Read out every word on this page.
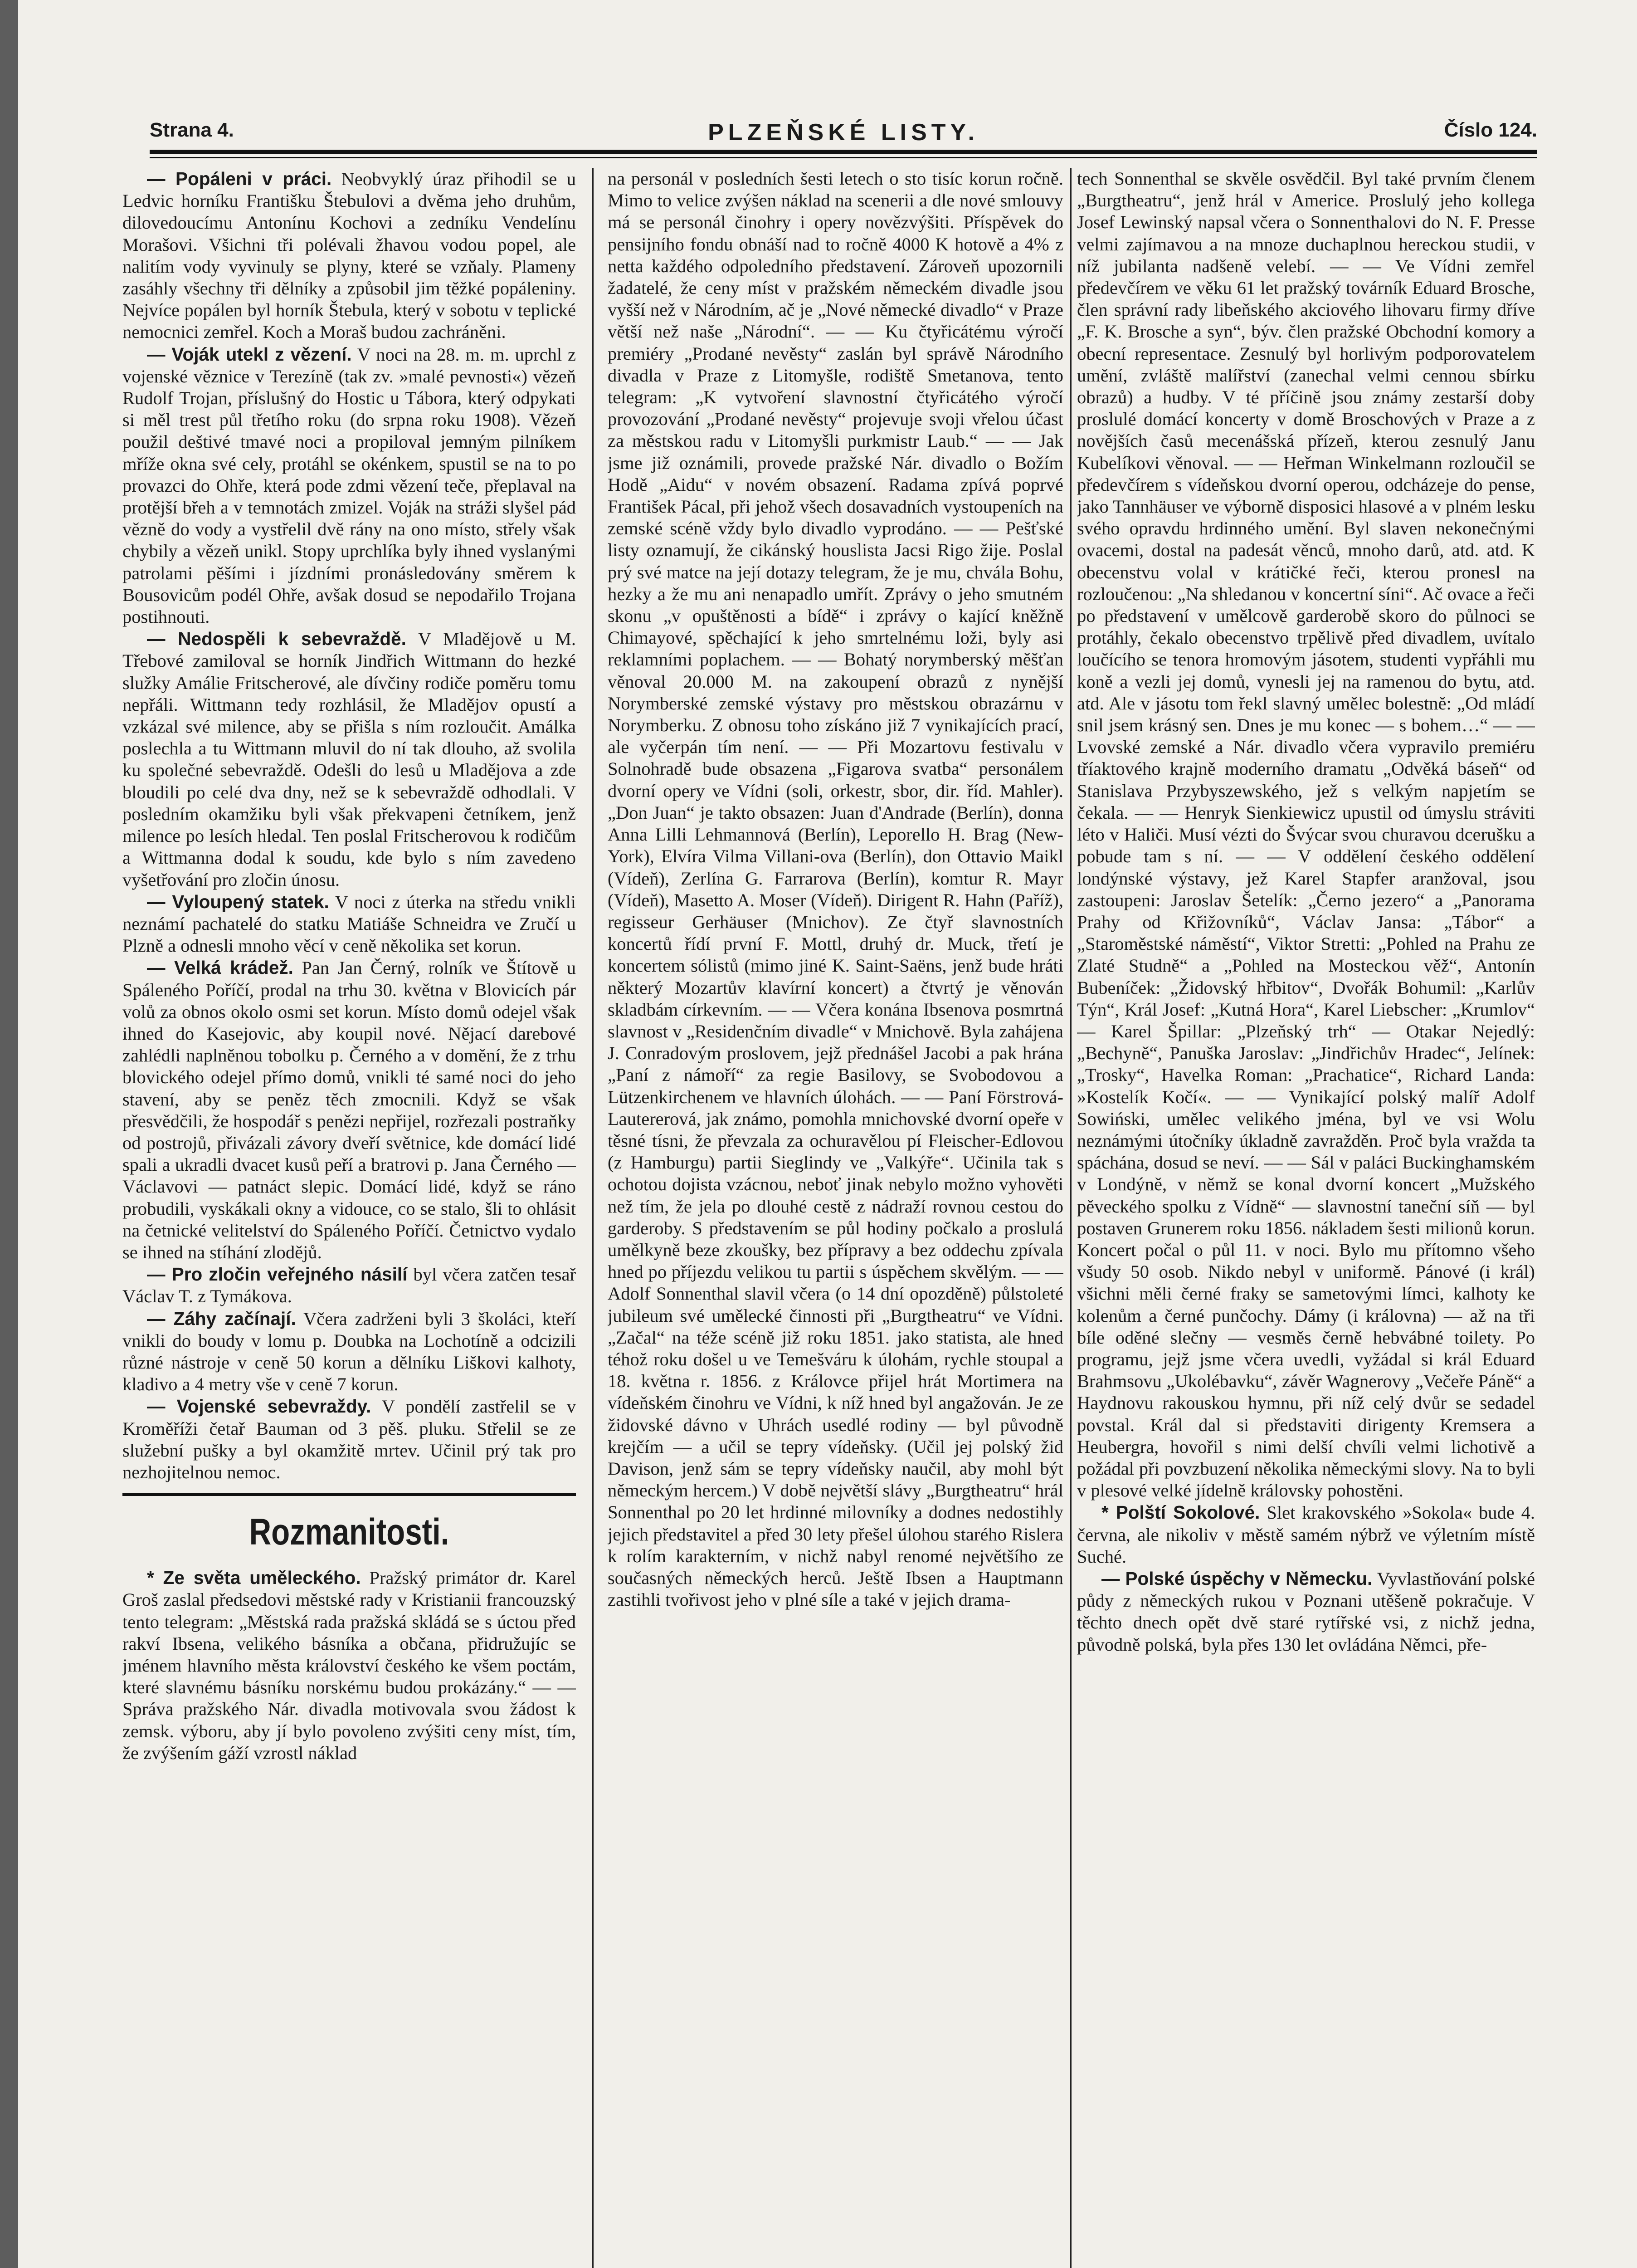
Strana 4.	PLZEŇSKÉ LISTY.	Číslo 124.

— Popáleni v práci. Neobvyklý úraz přihodil se u Ledvic horníku Františku Štebulovi a dvěma jeho druhům, dilovedoucímu Antonínu Kochovi a zedníku Vendelínu Morašovi. Všichni tři polévali žhavou vodou popel, ale nalitím vody vyvinuly se plyny, které se vzňaly. Plameny zasáhly všechny tři dělníky a způsobil jim těžké popáleniny. Nejvíce popálen byl horník Štebula, který v sobotu v teplické nemocnici zemřel. Koch a Moraš budou zachráněni.

— Voják utekl z vězení. V noci na 28. m. m. uprchl z vojenské věznice v Terezíně (tak zv. »malé pevnosti«) vězeň Rudolf Trojan, příslušný do Hostic u Tábora, který odpykati si měl trest půl třetího roku (do srpna roku 1908). Vězeň použil deštivé tmavé noci a propiloval jemným pilníkem mříže okna své cely, protáhl se okénkem, spustil se na to po provazci do Ohře, která pode zdmi vězení teče, přeplaval na protější břeh a v temnotách zmizel. Voják na stráži slyšel pád vězně do vody a vystřelil dvě rány na ono místo, střely však chybily a vězeň unikl. Stopy uprchlíka byly ihned vyslanými patrolami pěšími i jízdními pronásledovány směrem k Bousovicům podél Ohře, avšak dosud se nepodařilo Trojana postihnouti.

— Nedospěli k sebevraždě. V Mladějově u M. Třebové zamiloval se horník Jindřich Wittmann do hezké služky Amálie Fritscherové, ale dívčiny rodiče poměru tomu nepřáli. Wittmann tedy rozhlásil, že Mladějov opustí a vzkázal své milence, aby se přišla s ním rozloučit. Amálka poslechla a tu Wittmann mluvil do ní tak dlouho, až svolila ku společné sebevraždě. Odešli do lesů u Mladějova a zde bloudili po celé dva dny, než se k sebevraždě odhodlali. V posledním okamžiku byli však překvapeni četníkem, jenž milence po lesích hledal. Ten poslal Fritscherovou k rodičům a Wittmanna dodal k soudu, kde bylo s ním zavedeno vyšetřování pro zločin únosu.

— Vyloupený statek. V noci z úterka na středu vnikli neznámí pachatelé do statku Matiáše Schneidra ve Zručí u Plzně a odnesli mnoho věcí v ceně několika set korun.

— Velká krádež. Pan Jan Černý, rolník ve Štítově u Spáleného Poříčí, prodal na trhu 30. května v Blovicích pár volů za obnos okolo osmi set korun. Místo domů odejel však ihned do Kasejovic, aby koupil nové. Nějací darebové zahlédli naplněnou tobolku p. Černého a v domění, že z trhu blovického odejel přímo domů, vnikli té samé noci do jeho stavení, aby se peněz těch zmocnili. Když se však přesvědčili, že hospodář s penězi nepřijel, rozřezali postraňky od postrojů, přivázali závory dveří světnice, kde domácí lidé spali a ukradli dvacet kusů peří a bratrovi p. Jana Černého — Václavovi — patnáct slepic. Domácí lidé, když se ráno probudili, vyskákali okny a vidouce, co se stalo, šli to ohlásit na četnické velitelství do Spáleného Poříčí. Četnictvo vydalo se ihned na stíhání zlodějů.

— Pro zločin veřejného násilí byl včera zatčen tesař Václav T. z Tymákova.

— Záhy začínají. Včera zadrženi byli 3 školáci, kteří vnikli do boudy v lomu p. Doubka na Lochotíně a odcizili různé nástroje v ceně 50 korun a dělníku Liškovi kalhoty, kladivo a 4 metry vše v ceně 7 korun.

— Vojenské sebevraždy. V pondělí zastřelil se v Kroměříži četař Bauman od 3 pěš. pluku. Střelil se ze služební pušky a byl okamžitě mrtev. Učinil prý tak pro nezhojitelnou nemoc.

Rozmanitosti.

* Ze světa uměleckého. Pražský primátor dr. Karel Groš zaslal předsedovi městské rady v Kristianii francouzský tento telegram: „Městská rada pražská skládá se s úctou před rakví Ibsena, velikého básníka a občana, přidružujíc se jménem hlavního města království českého ke všem poctám, které slavnému básníku norskému budou prokázány.“ — — Správa pražského Nár. divadla motivovala svou žádost k zemsk. výboru, aby jí bylo povoleno zvýšiti ceny míst, tím, že zvýšením gáží vzrostl náklad

na personál v posledních šesti letech o sto tisíc korun ročně. Mimo to velice zvýšen náklad na scenerii a dle nové smlouvy má se personál činohry i opery novězvýšiti. Příspěvek do pensijního fondu obnáší nad to ročně 4000 K hotově a 4% z netta každého odpoledního představení. Zároveň upozornili žadatelé, že ceny míst v pražském německém divadle jsou vyšší než v Národním, ač je „Nové německé divadlo“ v Praze větší než naše „Národní“. — — Ku čtyřicátému výročí premiéry „Prodané nevěsty“ zaslán byl správě Národního divadla v Praze z Litomyšle, rodiště Smetanova, tento telegram: „K vytvoření slavnostní čtyřicátého výročí provozování „Prodané nevěsty“ projevuje svoji vřelou účast za městskou radu v Litomyšli purkmistr Laub.“ — — Jak jsme již oznámili, provede pražské Nár. divadlo o Božím Hodě „Aidu“ v novém obsazení. Radama zpívá poprvé František Pácal, při jehož všech dosavadních vystoupeních na zemské scéně vždy bylo divadlo vyprodáno. — — Pešťské listy oznamují, že cikánský houslista Jacsi Rigo žije. Poslal prý své matce na její dotazy telegram, že je mu, chvála Bohu, hezky a že mu ani nenapadlo umřít. Zprávy o jeho smutném skonu „v opuštěnosti a bídě“ i zprávy o kající kněžně Chimayové, spěchající k jeho smrtelnému loži, byly asi reklamními poplachem. — — Bohatý norymberský měšťan věnoval 20.000 M. na zakoupení obrazů z nynější Norymberské zemské výstavy pro městskou obrazárnu v Norymberku. Z obnosu toho získáno již 7 vynikajících prací, ale vyčerpán tím není. — — Při Mozartovu festivalu v Solnohradě bude obsazena „Figarova svatba“ personálem dvorní opery ve Vídni (soli, orkestr, sbor, dir. říd. Mahler). „Don Juan“ je takto obsazen: Juan d'Andrade (Berlín), donna Anna Lilli Lehmannová (Berlín), Leporello H. Brag (New-York), Elvíra Vilma Villani-ova (Berlín), don Ottavio Maikl (Vídeň), Zerlína G. Farrarova (Berlín), komtur R. Mayr (Vídeň), Masetto A. Moser (Vídeň). Dirigent R. Hahn (Paříž), regisseur Gerhäuser (Mnichov). Ze čtyř slavnostních koncertů řídí první F. Mottl, druhý dr. Muck, třetí je koncertem sólistů (mimo jiné K. Saint-Saëns, jenž bude hráti některý Mozartův klavírní koncert) a čtvrtý je věnován skladbám církevním. — — Včera konána Ibsenova posmrtná slavnost v „Residenčním divadle“ v Mnichově. Byla zahájena J. Conradovým proslovem, jejž přednášel Jacobi a pak hrána „Paní z námoří“ za regie Basilovy, se Svobodovou a Lützenkirchenem ve hlavních úlohách. — — Paní Förstrová-Lautererová, jak známo, pomohla mnichovské dvorní opeře v těsné tísni, že převzala za ochuravělou pí Fleischer-Edlovou (z Hamburgu) partii Sieglindy ve „Valkýře“. Učinila tak s ochotou dojista vzácnou, neboť jinak nebylo možno vyhověti než tím, že jela po dlouhé cestě z nádraží rovnou cestou do garderoby. S představením se půl hodiny počkalo a proslulá umělkyně beze zkoušky, bez přípravy a bez oddechu zpívala hned po příjezdu velikou tu partii s úspěchem skvělým. — — Adolf Sonnenthal slavil včera (o 14 dní opozděně) půlstoleté jubileum své umělecké činnosti při „Burgtheatru“ ve Vídni. „Začal“ na téže scéně již roku 1851. jako statista, ale hned téhož roku došel u ve Temešváru k úlohám, rychle stoupal a 18. května r. 1856. z Královce přijel hrát Mortimera na vídeňském činohru ve Vídni, k níž hned byl angažován. Je ze židovské dávno v Uhrách usedlé rodiny — byl původně krejčím — a učil se tepry vídeňsky. (Učil jej polský žid Davison, jenž sám se tepry vídeňsky naučil, aby mohl být německým hercem.) V době největší slávy „Burgtheatru“ hrál Sonnenthal po 20 let hrdinné milovníky a dodnes nedostihly jejich představitel a před 30 lety přešel úlohou starého Rislera k rolím karakterním, v nichž nabyl renomé největšího ze současných německých herců. Ještě Ibsen a Hauptmann zastihli tvořivost jeho v plné síle a také v jejich drama-

tech Sonnenthal se skvěle osvědčil. Byl také prvním členem „Burgtheatru“, jenž hrál v Americe. Proslulý jeho kollega Josef Lewinský napsal včera o Sonnenthalovi do N. F. Presse velmi zajímavou a na mnoze duchaplnou hereckou studii, v níž jubilanta nadšeně velebí. — — Ve Vídni zemřel předevčírem ve věku 61 let pražský továrník Eduard Brosche, člen správní rady libeňského akciového lihovaru firmy dříve „F. K. Brosche a syn“, býv. člen pražské Obchodní komory a obecní representace. Zesnulý byl horlivým podporovatelem umění, zvláště malířství (zanechal velmi cennou sbírku obrazů) a hudby. V té příčině jsou známy zestarší doby proslulé domácí koncerty v domě Broschových v Praze a z novějších časů mecenášská přízeň, kterou zesnulý Janu Kubelíkovi věnoval. — — Heřman Winkelmann rozloučil se předevčírem s vídeňskou dvorní operou, odcházeje do pense, jako Tannhäuser ve výborně disposici hlasové a v plném lesku svého opravdu hrdinného umění. Byl slaven nekonečnými ovacemi, dostal na padesát věnců, mnoho darů, atd. atd. K obecenstvu volal v krátičké řeči, kterou pronesl na rozloučenou: „Na shledanou v koncertní síni“. Ač ovace a řeči po představení v umělcově garderobě skoro do půlnoci se protáhly, čekalo obecenstvo trpělivě před divadlem, uvítalo loučícího se tenora hromovým jásotem, studenti vypřáhli mu koně a vezli jej domů, vynesli jej na ramenou do bytu, atd. atd. Ale v jásotu tom řekl slavný umělec bolestně: „Od mládí snil jsem krásný sen. Dnes je mu konec — s bohem…“ — — Lvovské zemské a Nár. divadlo včera vypravilo premiéru tříaktového krajně moderního dramatu „Odvěká báseň“ od Stanislava Przybyszewského, jež s velkým napjetím se čekala. — — Henryk Sienkiewicz upustil od úmyslu stráviti léto v Haliči. Musí vézti do Švýcar svou churavou dcerušku a pobude tam s ní. — — V oddělení českého oddělení londýnské výstavy, jež Karel Stapfer aranžoval, jsou zastoupeni: Jaroslav Šetelík: „Černo jezero“ a „Panorama Prahy od Křižovníků“, Václav Jansa: „Tábor“ a „Staroměstské náměstí“, Viktor Stretti: „Pohled na Prahu ze Zlaté Studně“ a „Pohled na Mosteckou věž“, Antonín Bubeníček: „Židovský hřbitov“, Dvořák Bohumil: „Karlův Týn“, Král Josef: „Kutná Hora“, Karel Liebscher: „Krumlov“ — Karel Špillar: „Plzeňský trh“ — Otakar Nejedlý: „Bechyně“, Panuška Jaroslav: „Jindřichův Hradec“, Jelínek: „Trosky“, Havelka Roman: „Prachatice“, Richard Landa: »Kostelík Kočí«. — — Vynikající polský malíř Adolf Sowiński, umělec velikého jména, byl ve vsi Wolu neznámými útočníky úkladně zavražděn. Proč byla vražda ta spáchána, dosud se neví. — — Sál v paláci Buckinghamském v Londýně, v němž se konal dvorní koncert „Mužského pěveckého spolku z Vídně“ — slavnostní taneční síň — byl postaven Grunerem roku 1856. nákladem šesti milionů korun. Koncert počal o půl 11. v noci. Bylo mu přítomno všeho všudy 50 osob. Nikdo nebyl v uniformě. Pánové (i král) všichni měli černé fraky se sametovými límci, kalhoty ke kolenům a černé punčochy. Dámy (i královna) — až na tři bíle oděné slečny — vesměs černě hebvábné toilety. Po programu, jejž jsme včera uvedli, vyžádal si král Eduard Brahmsovu „Ukolébavku“, závěr Wagnerovy „Večeře Páně“ a Haydnovu rakouskou hymnu, při níž celý dvůr se sedadel povstal. Král dal si představiti dirigenty Kremsera a Heubergra, hovořil s nimi delší chvíli velmi lichotivě a požádal při povzbuzení několika německými slovy. Na to byli v plesové velké jídelně královsky pohostěni.

* Polští Sokolové. Slet krakovského »Sokola« bude 4. června, ale nikoliv v městě samém nýbrž ve výletním místě Suché.

— Polské úspěchy v Německu. Vyvlastňování polské půdy z německých rukou v Poznani utěšeně pokračuje. V těchto dnech opět dvě staré rytířské vsi, z nichž jedna, původně polská, byla přes 130 let ovládána Němci, pře-
